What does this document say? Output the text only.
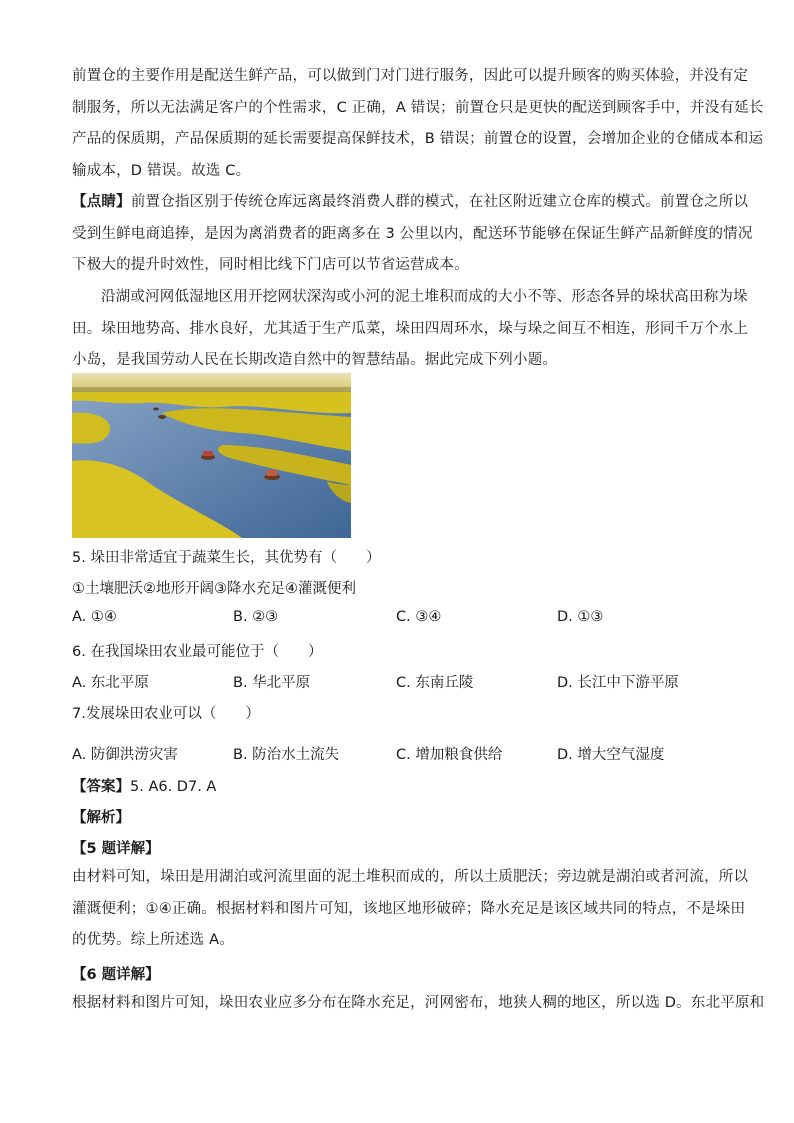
前置仓的主要作用是配送生鲜产品，可以做到门对门进行服务，因此可以提升顾客的购买体验，并没有定
制服务，所以无法满足客户的个性需求，C 正确，A 错误；前置仓只是更快的配送到顾客手中，并没有延长
产品的保质期，产品保质期的延长需要提高保鲜技术，B 错误；前置仓的设置，会增加企业的仓储成本和运
输成本，D 错误。故选 C。
【点睛】前置仓指区别于传统仓库远离最终消费人群的模式，在社区附近建立仓库的模式。前置仓之所以
受到生鲜电商追捧，是因为离消费者的距离多在 3 公里以内，配送环节能够在保证生鲜产品新鲜度的情况
下极大的提升时效性，同时相比线下门店可以节省运营成本。
沿湖或河网低湿地区用开挖网状深沟或小河的泥土堆积而成的大小不等、形态各异的垛状高田称为垛
田。垛田地势高、排水良好，尤其适于生产瓜菜，垛田四周环水，垛与垛之间互不相连，形同千万个水上
小岛，是我国劳动人民在长期改造自然中的智慧结晶。据此完成下列小题。
5. 垛田非常适宜于蔬菜生长，其优势有（　　）
①土壤肥沃②地形开阔③降水充足④灌溉便利
A. ①④	B. ②③	C. ③④	D. ①③
6. 在我国垛田农业最可能位于（　　）
A. 东北平原	B. 华北平原	C. 东南丘陵	D. 长江中下游平原
7.发展垛田农业可以（　　）
A. 防御洪涝灾害	B. 防治水土流失	C. 增加粮食供给	D. 增大空气湿度
【答案】5. A6. D7. A
【解析】
【5 题详解】
由材料可知，垛田是用湖泊或河流里面的泥土堆积而成的，所以土质肥沃；旁边就是湖泊或者河流，所以
灌溉便利；①④正确。根据材料和图片可知，该地区地形破碎；降水充足是该区域共同的特点，不是垛田
的优势。综上所述选 A。
【6 题详解】
根据材料和图片可知，垛田农业应多分布在降水充足，河网密布，地狭人稠的地区，所以选 D。东北平原和
